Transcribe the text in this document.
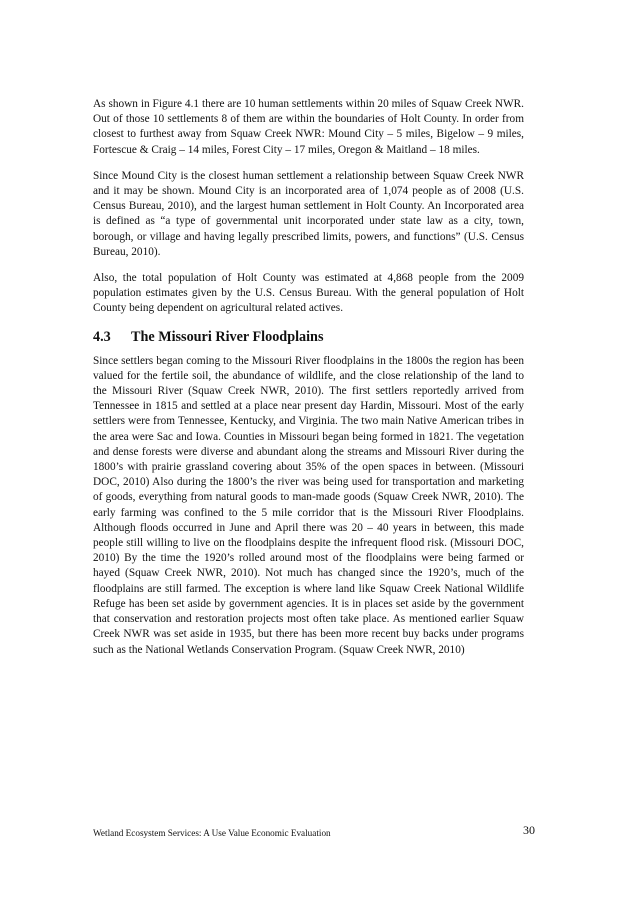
As shown in Figure 4.1 there are 10 human settlements within 20 miles of Squaw Creek NWR. Out of those 10 settlements 8 of them are within the boundaries of Holt County. In order from closest to furthest away from Squaw Creek NWR: Mound City – 5 miles, Bigelow – 9 miles, Fortescue & Craig – 14 miles, Forest City – 17 miles, Oregon & Maitland – 18 miles.

Since Mound City is the closest human settlement a relationship between Squaw Creek NWR and it may be shown. Mound City is an incorporated area of 1,074 people as of 2008 (U.S. Census Bureau, 2010), and the largest human settlement in Holt County. An Incorporated area is defined as “a type of governmental unit incorporated under state law as a city, town, borough, or village and having legally prescribed limits, powers, and functions” (U.S. Census Bureau, 2010).

Also, the total population of Holt County was estimated at 4,868 people from the 2009 population estimates given by the U.S. Census Bureau. With the general population of Holt County being dependent on agricultural related actives.

4.3 The Missouri River Floodplains

Since settlers began coming to the Missouri River floodplains in the 1800s the region has been valued for the fertile soil, the abundance of wildlife, and the close relationship of the land to the Missouri River (Squaw Creek NWR, 2010). The first settlers reportedly arrived from Tennessee in 1815 and settled at a place near present day Hardin, Missouri. Most of the early settlers were from Tennessee, Kentucky, and Virginia. The two main Native American tribes in the area were Sac and Iowa. Counties in Missouri began being formed in 1821. The vegetation and dense forests were diverse and abundant along the streams and Missouri River during the 1800’s with prairie grassland covering about 35% of the open spaces in between. (Missouri DOC, 2010) Also during the 1800’s the river was being used for transportation and marketing of goods, everything from natural goods to man-made goods (Squaw Creek NWR, 2010). The early farming was confined to the 5 mile corridor that is the Missouri River Floodplains. Although floods occurred in June and April there was 20 – 40 years in between, this made people still willing to live on the floodplains despite the infrequent flood risk. (Missouri DOC, 2010) By the time the 1920’s rolled around most of the floodplains were being farmed or hayed (Squaw Creek NWR, 2010). Not much has changed since the 1920’s, much of the floodplains are still farmed. The exception is where land like Squaw Creek National Wildlife Refuge has been set aside by government agencies. It is in places set aside by the government that conservation and restoration projects most often take place. As mentioned earlier Squaw Creek NWR was set aside in 1935, but there has been more recent buy backs under programs such as the National Wetlands Conservation Program. (Squaw Creek NWR, 2010)

Wetland Ecosystem Services: A Use Value Economic Evaluation	30
